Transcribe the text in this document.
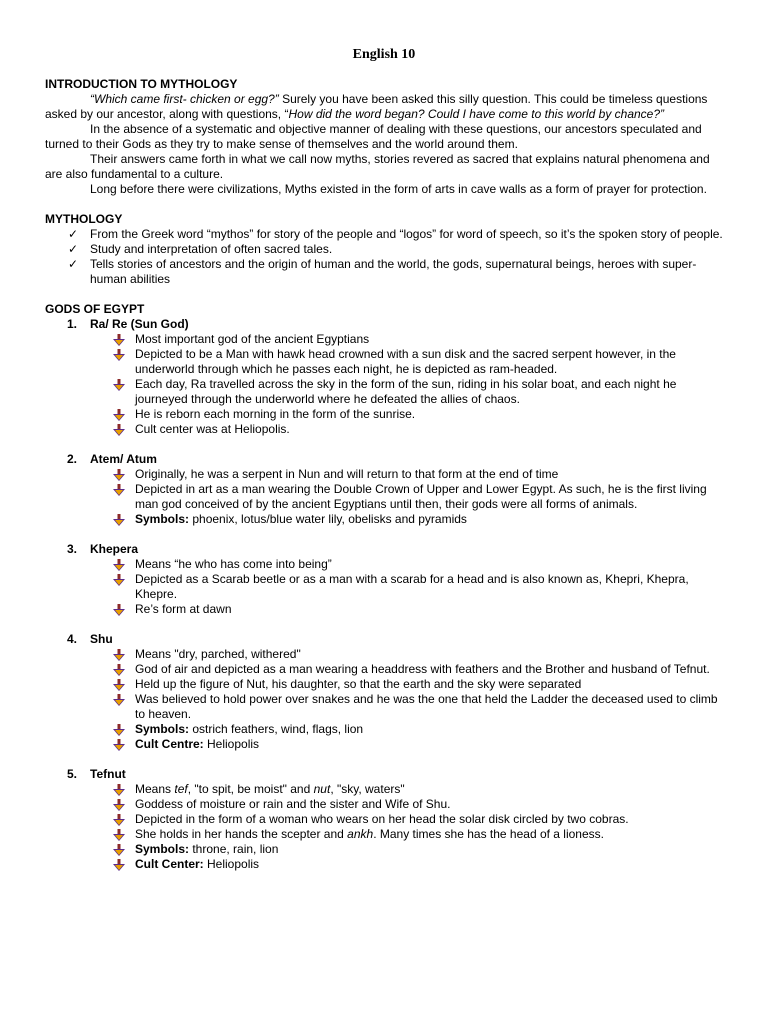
English 10
INTRODUCTION TO MYTHOLOGY

“Which came first- chicken or egg?” Surely you have been asked this silly question. This could be timeless questions asked by our ancestor, along with questions, “How did the word began? Could I have come to this world by chance?”

In the absence of a systematic and objective manner of dealing with these questions, our ancestors speculated and turned to their Gods as they try to make sense of themselves and the world around them.

Their answers came forth in what we call now myths, stories revered as sacred that explains natural phenomena and are also fundamental to a culture.

Long before there were civilizations, Myths existed in the form of arts in cave walls as a form of prayer for protection.

MYTHOLOGY
✓ From the Greek word “mythos” for story of the people and “logos” for word of speech, so it’s the spoken story of people.
✓ Study and interpretation of often sacred tales.
✓ Tells stories of ancestors and the origin of human and the world, the gods, supernatural beings, heroes with super-human abilities
GODS OF EGYPT
1. Ra/ Re (Sun God)
Most important god of the ancient Egyptians
Depicted to be a Man with hawk head crowned with a sun disk and the sacred serpent however, in the underworld through which he passes each night, he is depicted as ram-headed.
Each day, Ra travelled across the sky in the form of the sun, riding in his solar boat, and each night he journeyed through the underworld where he defeated the allies of chaos.
He is reborn each morning in the form of the sunrise.
Cult center was at Heliopolis.
2. Atem/ Atum
Originally, he was a serpent in Nun and will return to that form at the end of time
Depicted in art as a man wearing the Double Crown of Upper and Lower Egypt. As such, he is the first living man god conceived of by the ancient Egyptians until then, their gods were all forms of animals.
Symbols: phoenix, lotus/blue water lily, obelisks and pyramids
3. Khepera
Means “he who has come into being”
Depicted as a Scarab beetle or as a man with a scarab for a head and is also known as, Khepri, Khepra, Khepre.
Re’s form at dawn
4. Shu
Means "dry, parched, withered"
God of air and depicted as a man wearing a headdress with feathers and the Brother and husband of Tefnut.
Held up the figure of Nut, his daughter, so that the earth and the sky were separated
Was believed to hold power over snakes and he was the one that held the Ladder the deceased used to climb to heaven.
Symbols: ostrich feathers, wind, flags, lion
Cult Centre: Heliopolis
5. Tefnut
Means tef, "to spit, be moist" and nut, "sky, waters"
Goddess of moisture or rain and the sister and Wife of Shu.
Depicted in the form of a woman who wears on her head the solar disk circled by two cobras.
She holds in her hands the scepter and ankh. Many times she has the head of a lioness.
Symbols: throne, rain, lion
Cult Center: Heliopolis
